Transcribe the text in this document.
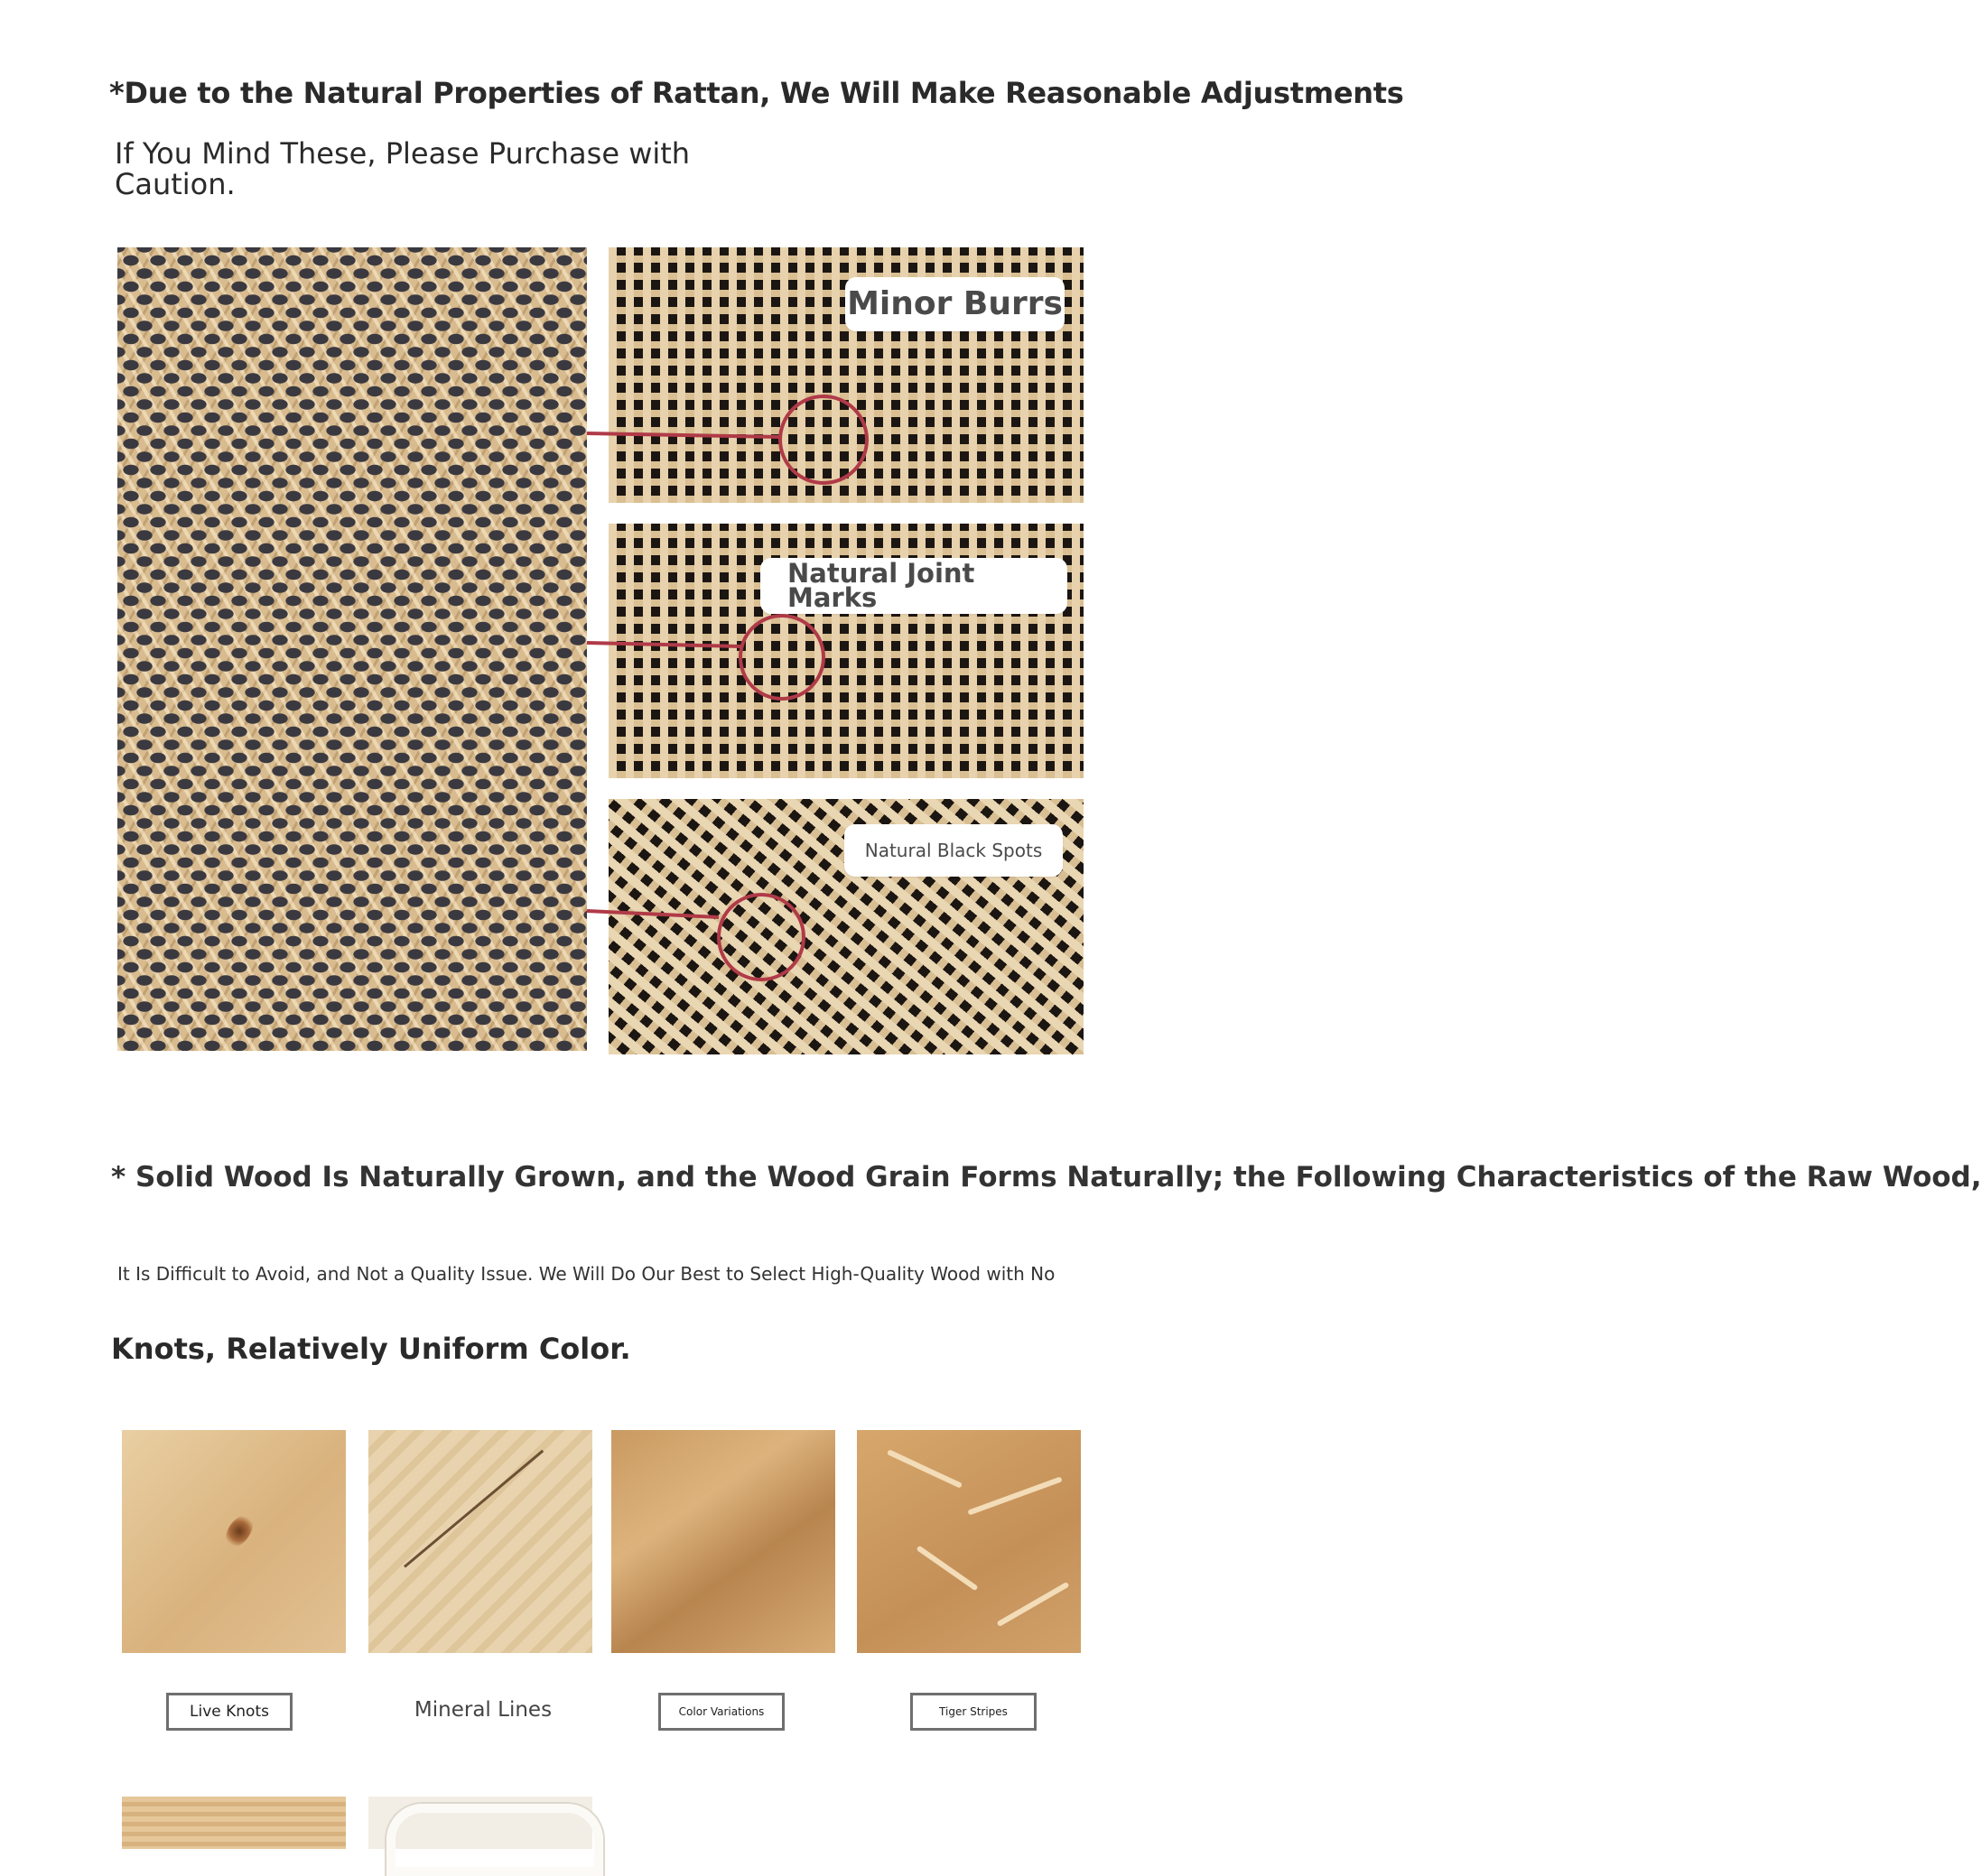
*Due to the Natural Properties of Rattan, We Will Make Reasonable Adjustments
If You Mind These, Please Purchase with Caution.
Minor Burrs
Natural Joint Marks
Natural Black Spots
* Solid Wood Is Naturally Grown, and the Wood Grain Forms Naturally; the Following Characteristics of the Raw Wood,
It Is Difficult to Avoid, and Not a Quality Issue. We Will Do Our Best to Select High-Quality Wood with No
Knots, Relatively Uniform Color.
Live Knots	Mineral Lines	Color Variations	Tiger Stripes
